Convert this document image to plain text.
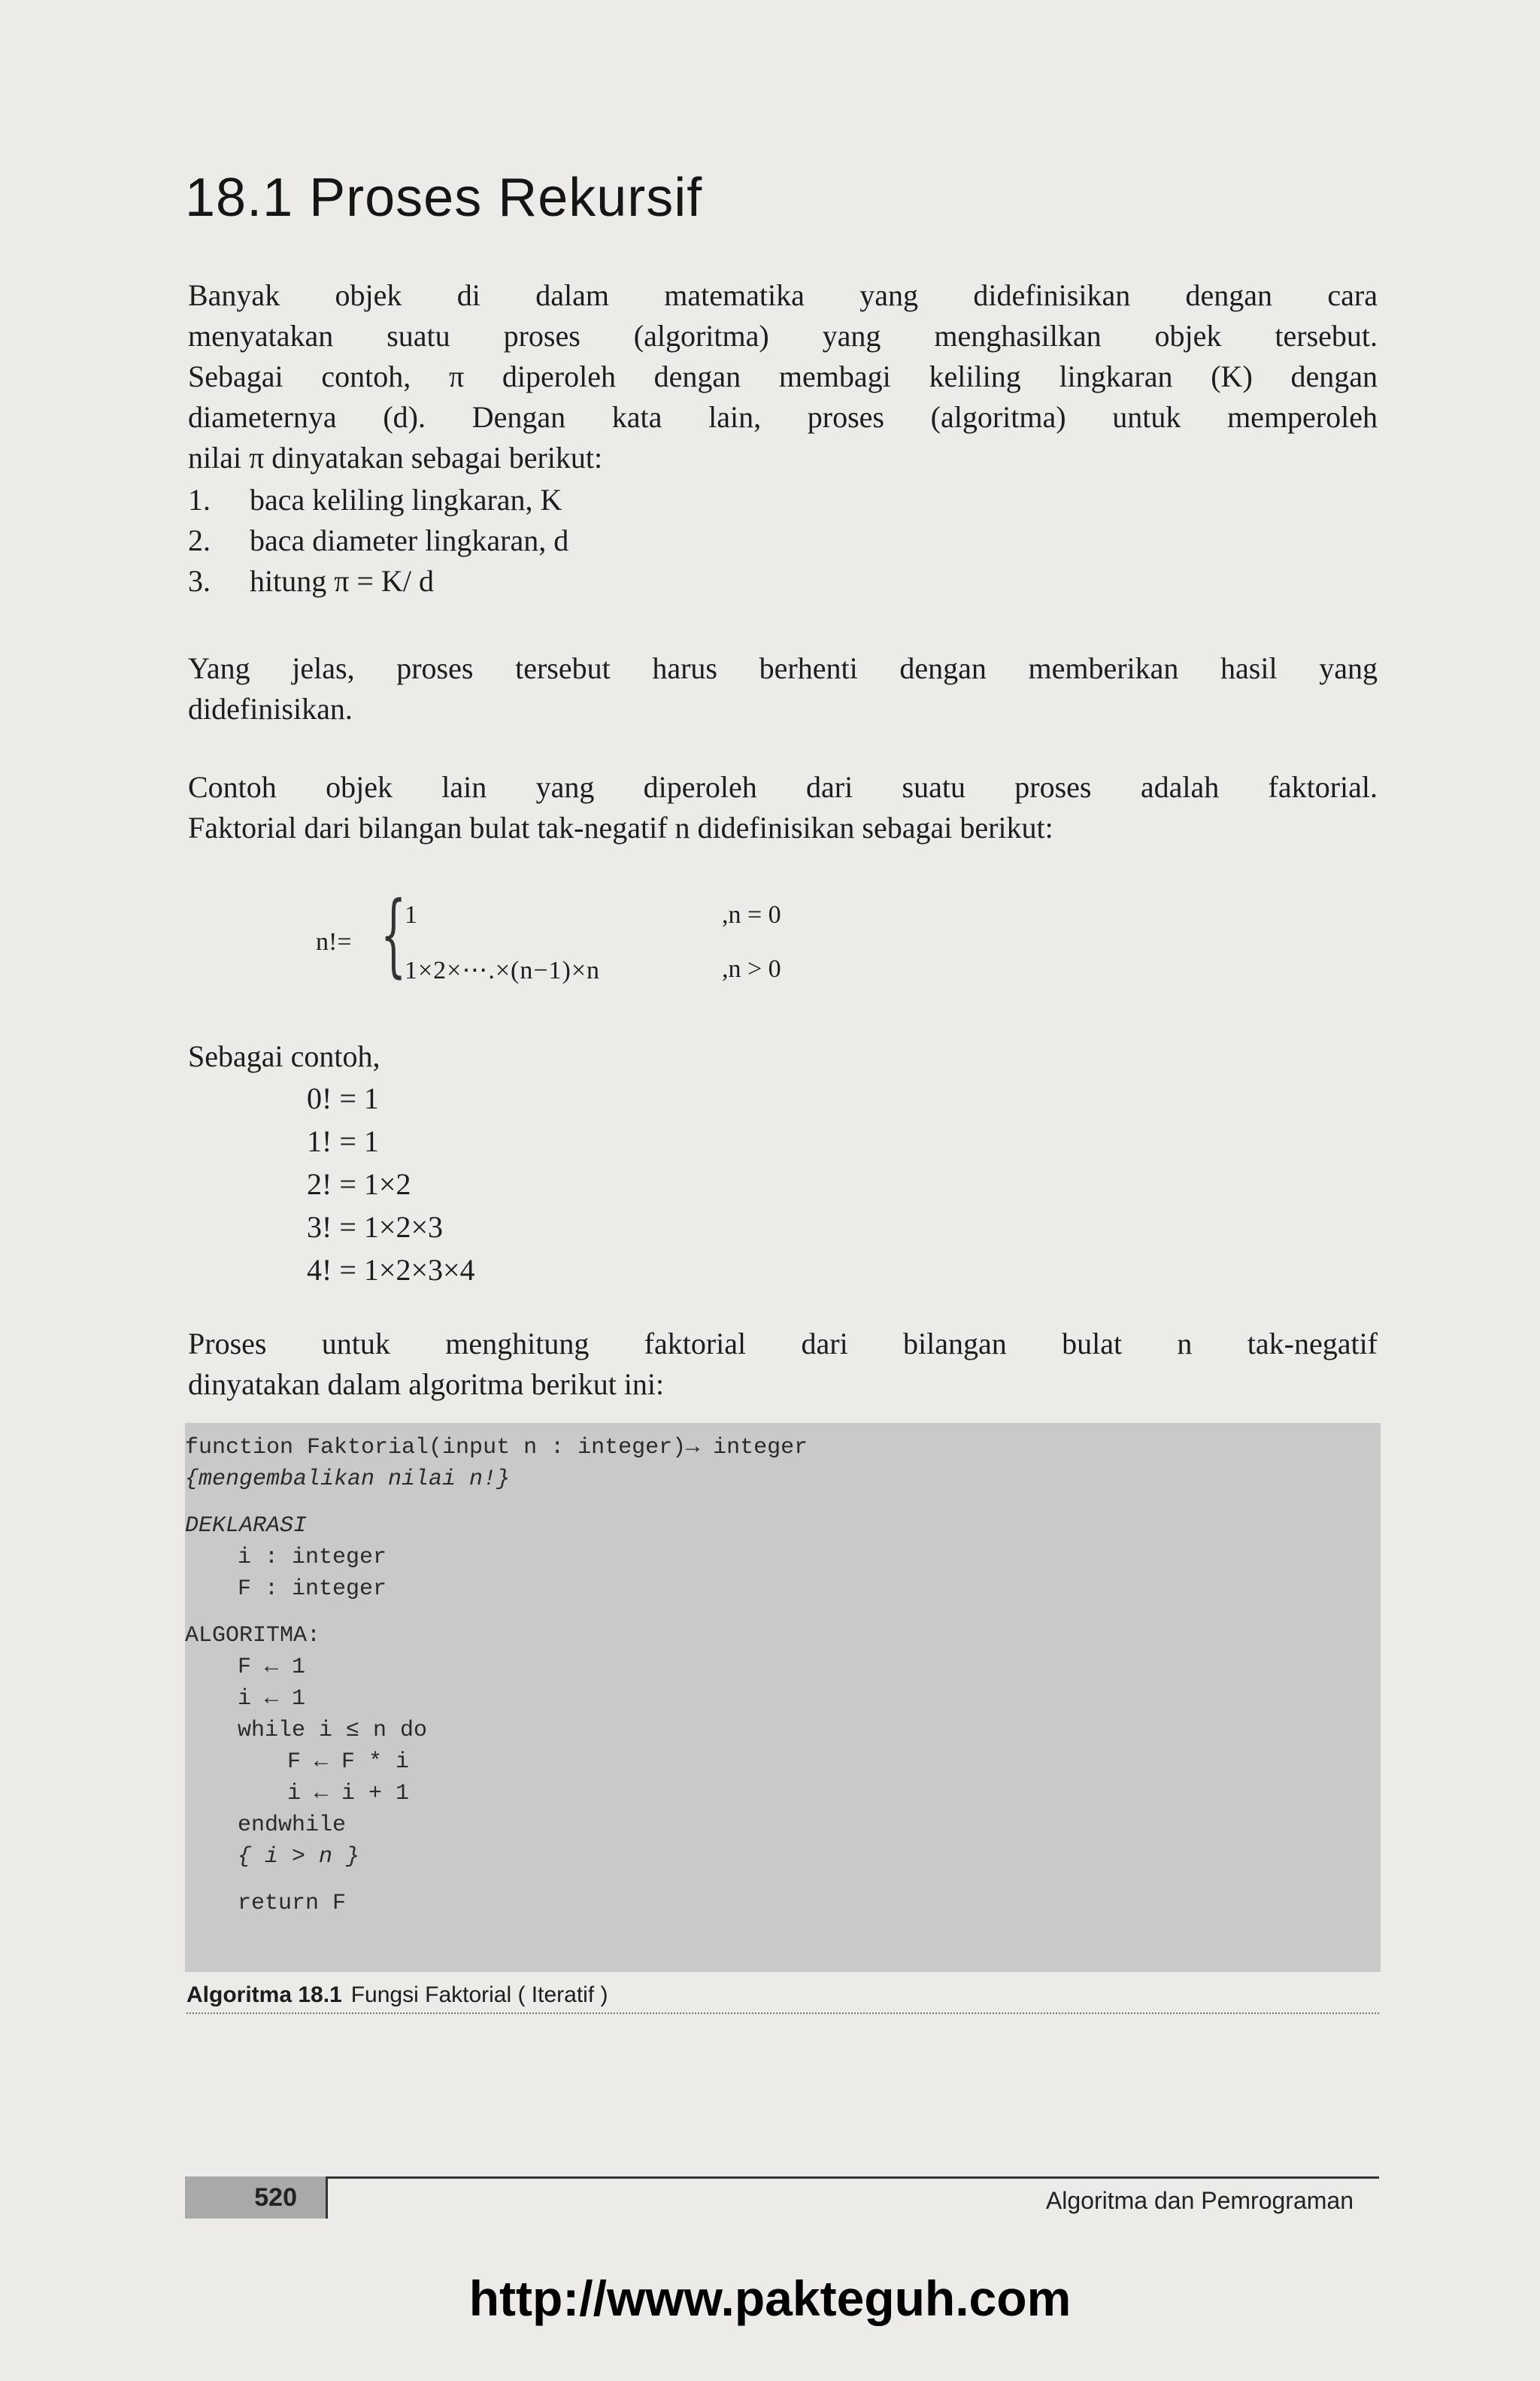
18.1 Proses Rekursif

Banyak objek di dalam matematika yang didefinisikan dengan cara
menyatakan suatu proses (algoritma) yang menghasilkan objek tersebut.
Sebagai contoh, π diperoleh dengan membagi keliling lingkaran (K) dengan
diameternya (d). Dengan kata lain, proses (algoritma) untuk memperoleh
nilai π dinyatakan sebagai berikut:

1. baca keliling lingkaran, K
2. baca diameter lingkaran, d
3. hitung π = K/ d

Yang jelas, proses tersebut harus berhenti dengan memberikan hasil yang
didefinisikan.

Contoh objek lain yang diperoleh dari suatu proses adalah faktorial.
Faktorial dari bilangan bulat tak-negatif n didefinisikan sebagai berikut:

n!= {
1
1×2×⋯.×(n−1)×n
,n = 0
,n > 0

Sebagai contoh,

0! = 1
1! = 1
2! = 1×2
3! = 1×2×3
4! = 1×2×3×4

Proses untuk menghitung faktorial dari bilangan bulat n tak-negatif
dinyatakan dalam algoritma berikut ini:

function Faktorial(input n : integer)→ integer
{mengembalikan nilai n!}
DEKLARASI
i : integer
F : integer
ALGORITMA:
F ← 1
i ← 1
while i ≤ n do
F ← F * i
i ← i + 1
endwhile
{ i > n }
return F
Algoritma 18.1 Fungsi Faktorial ( Iteratif )
520	Algoritma dan Pemrograman
http://www.pakteguh.com
